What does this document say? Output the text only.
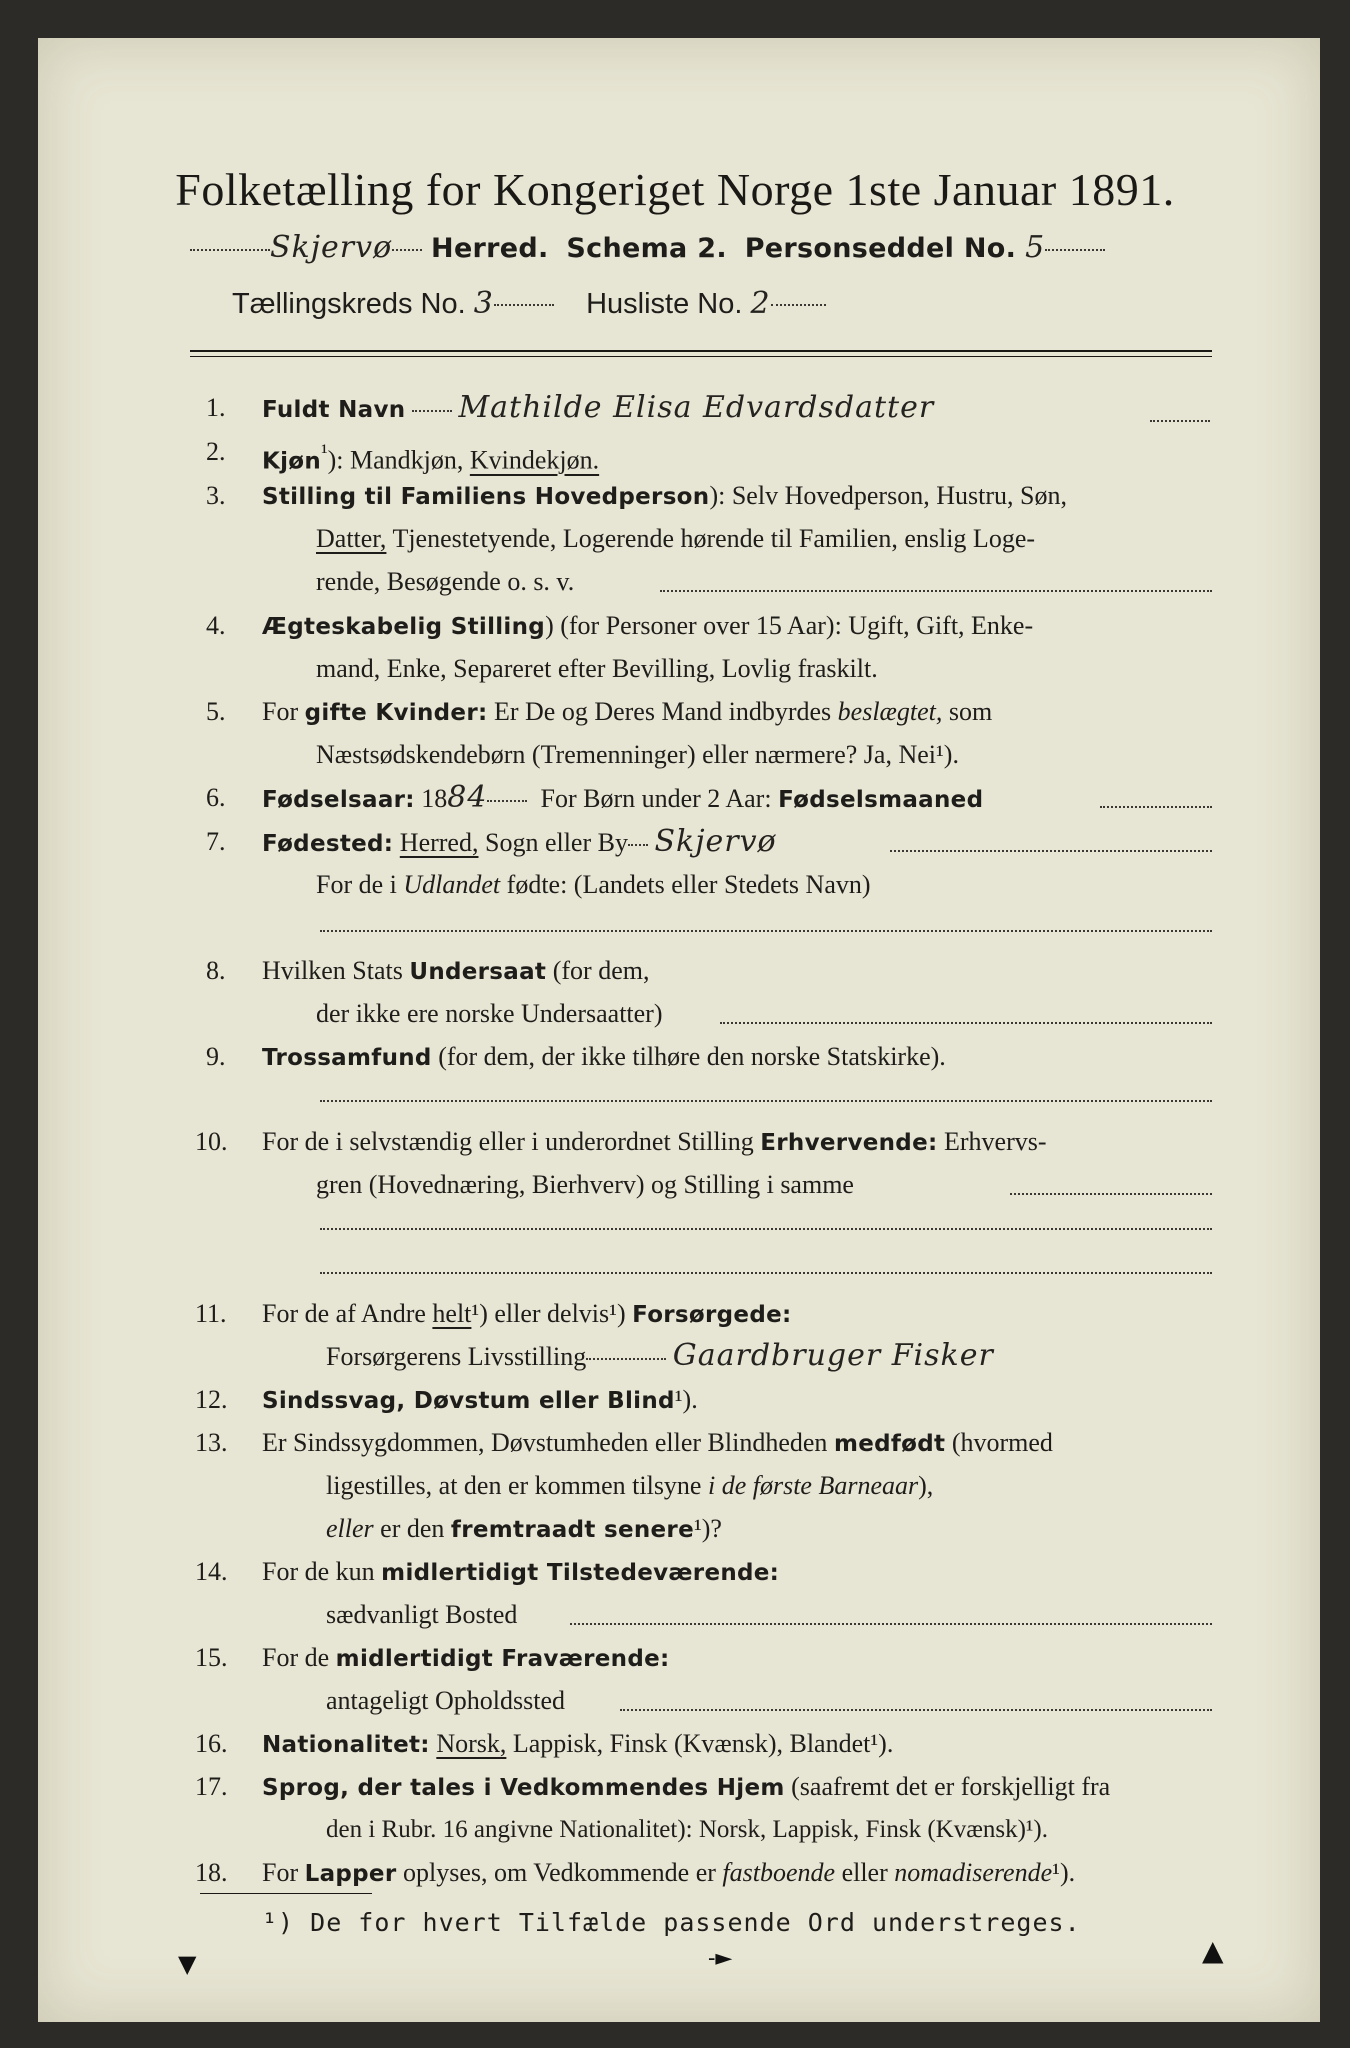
Folketælling for Kongeriget Norge 1ste Januar 1891.
Skjervø Herred. Schema 2. Personseddel No. 5
Tællingskreds No. 3	Husliste No. 2
1. Fuldt Navn Mathilde Elisa Edvardsdatter
2. Kjøn$^{^1}$): Mandkjøn, Kvindekjøn.
3. Stilling til Familiens Hovedperson): Selv Hovedperson, Hustru, Søn,
Datter, Tjenestetyende, Logerende hørende til Familien, enslig Loge-
rende, Besøgende o. s. v.
4. Ægteskabelig Stilling) (for Personer over 15 Aar): Ugift, Gift, Enke-
mand, Enke, Separeret efter Bevilling, Lovlig fraskilt.
5. For gifte Kvinder: Er De og Deres Mand indbyrdes beslægtet, som
Næstsødskendebørn (Tremenninger) eller nærmere? Ja, Nei¹).
6. Fødselsaar: 1884 For Børn under 2 Aar: Fødselsmaaned
7. Fødested: Herred, Sogn eller By Skjervø
For de i Udlandet fødte: (Landets eller Stedets Navn)
8. Hvilken Stats Undersaat (for dem,
der ikke ere norske Undersaatter)
9. Trossamfund (for dem, der ikke tilhøre den norske Statskirke).
10. For de i selvstændig eller i underordnet Stilling Erhvervende: Erhvervs-
gren (Hovednæring, Bierhverv) og Stilling i samme
11. For de af Andre helt¹) eller delvis¹) Forsørgede:
Forsørgerens Livsstilling	Gaardbruger Fisker
12. Sindssvag, Døvstum eller Blind¹).
13. Er Sindssygdommen, Døvstumheden eller Blindheden medfødt (hvormed
ligestilles, at den er kommen tilsyne i de første Barneaar),
eller er den fremtraadt senere¹)?
14. For de kun midlertidigt Tilstedeværende:
sædvanligt Bosted
15. For de midlertidigt Fraværende:
antageligt Opholdssted
16. Nationalitet: Norsk, Lappisk, Finsk (Kvænsk), Blandet¹).
17. Sprog, der tales i Vedkommendes Hjem (saafremt det er forskjelligt fra
den i Rubr. 16 angivne Nationalitet): Norsk, Lappisk, Finsk (Kvænsk)¹).
18. For Lapper oplyses, om Vedkommende er fastboende eller nomadiserende¹).
¹) De for hvert Tilfælde passende Ord understreges.
▼	‐►	▲
